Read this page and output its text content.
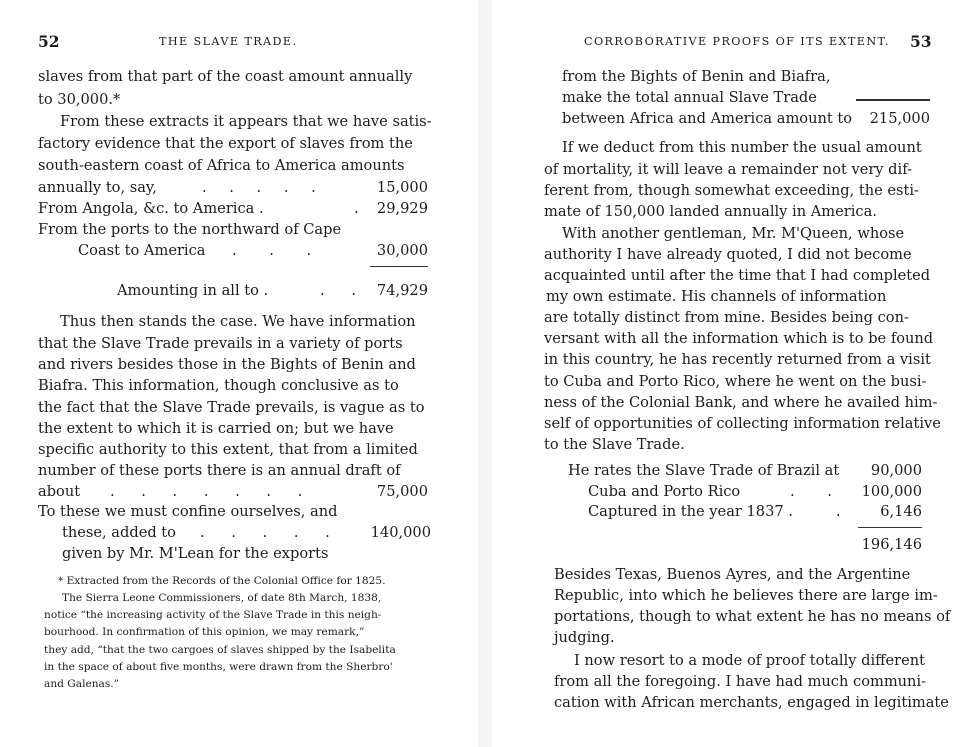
52	THE SLAVE TRADE.
slaves from that part of the coast amount annually
to 30,000.*
From these extracts it appears that we have satis-
factory evidence that the export of slaves from the
south-eastern coast of Africa to America amounts
annually to, say,	. . . . .	15,000
From Angola, &c. to America .	.	29,929
From the ports to the northward of Cape
Coast to America . . .	30,000
Amounting in all to .	. .	74,929
Thus then stands the case. We have information
that the Slave Trade prevails in a variety of ports
and rivers besides those in the Bights of Benin and
Biafra. This information, though conclusive as to
the fact that the Slave Trade prevails, is vague as to
the extent to which it is carried on; but we have
specific authority to this extent, that from a limited
number of these ports there is an annual draft of
about . . . . . . .	75,000
To these we must confine ourselves, and
these, added to . . . . .	140,000
given by Mr. M'Lean for the exports
* Extracted from the Records of the Colonial Office for 1825.
The Sierra Leone Commissioners, of date 8th March, 1838,
notice “the increasing activity of the Slave Trade in this neigh-
bourhood. In confirmation of this opinion, we may remark,”
they add, “that the two cargoes of slaves shipped by the Isabelita
in the space of about five months, were drawn from the Sherbro'
and Galenas.”
CORROBORATIVE PROOFS OF ITS EXTENT. 53
from the Bights of Benin and Biafra,
make the total annual Slave Trade
between Africa and America amount to	215,000
If we deduct from this number the usual amount
of mortality, it will leave a remainder not very dif-
ferent from, though somewhat exceeding, the esti-
mate of 150,000 landed annually in America.
With another gentleman, Mr. M'Queen, whose
authority I have already quoted, I did not become
acquainted until after the time that I had completed
my own estimate. His channels of information
are totally distinct from mine. Besides being con-
versant with all the information which is to be found
in this country, he has recently returned from a visit
to Cuba and Porto Rico, where he went on the busi-
ness of the Colonial Bank, and where he availed him-
self of opportunities of collecting information relative
to the Slave Trade.
He rates the Slave Trade of Brazil at	90,000
Cuba and Porto Rico	. .	100,000
Captured in the year 1837 .	.	6,146
196,146
Besides Texas, Buenos Ayres, and the Argentine
Republic, into which he believes there are large im-
portations, though to what extent he has no means of
judging.
I now resort to a mode of proof totally different
from all the foregoing. I have had much communi-
cation with African merchants, engaged in legitimate
